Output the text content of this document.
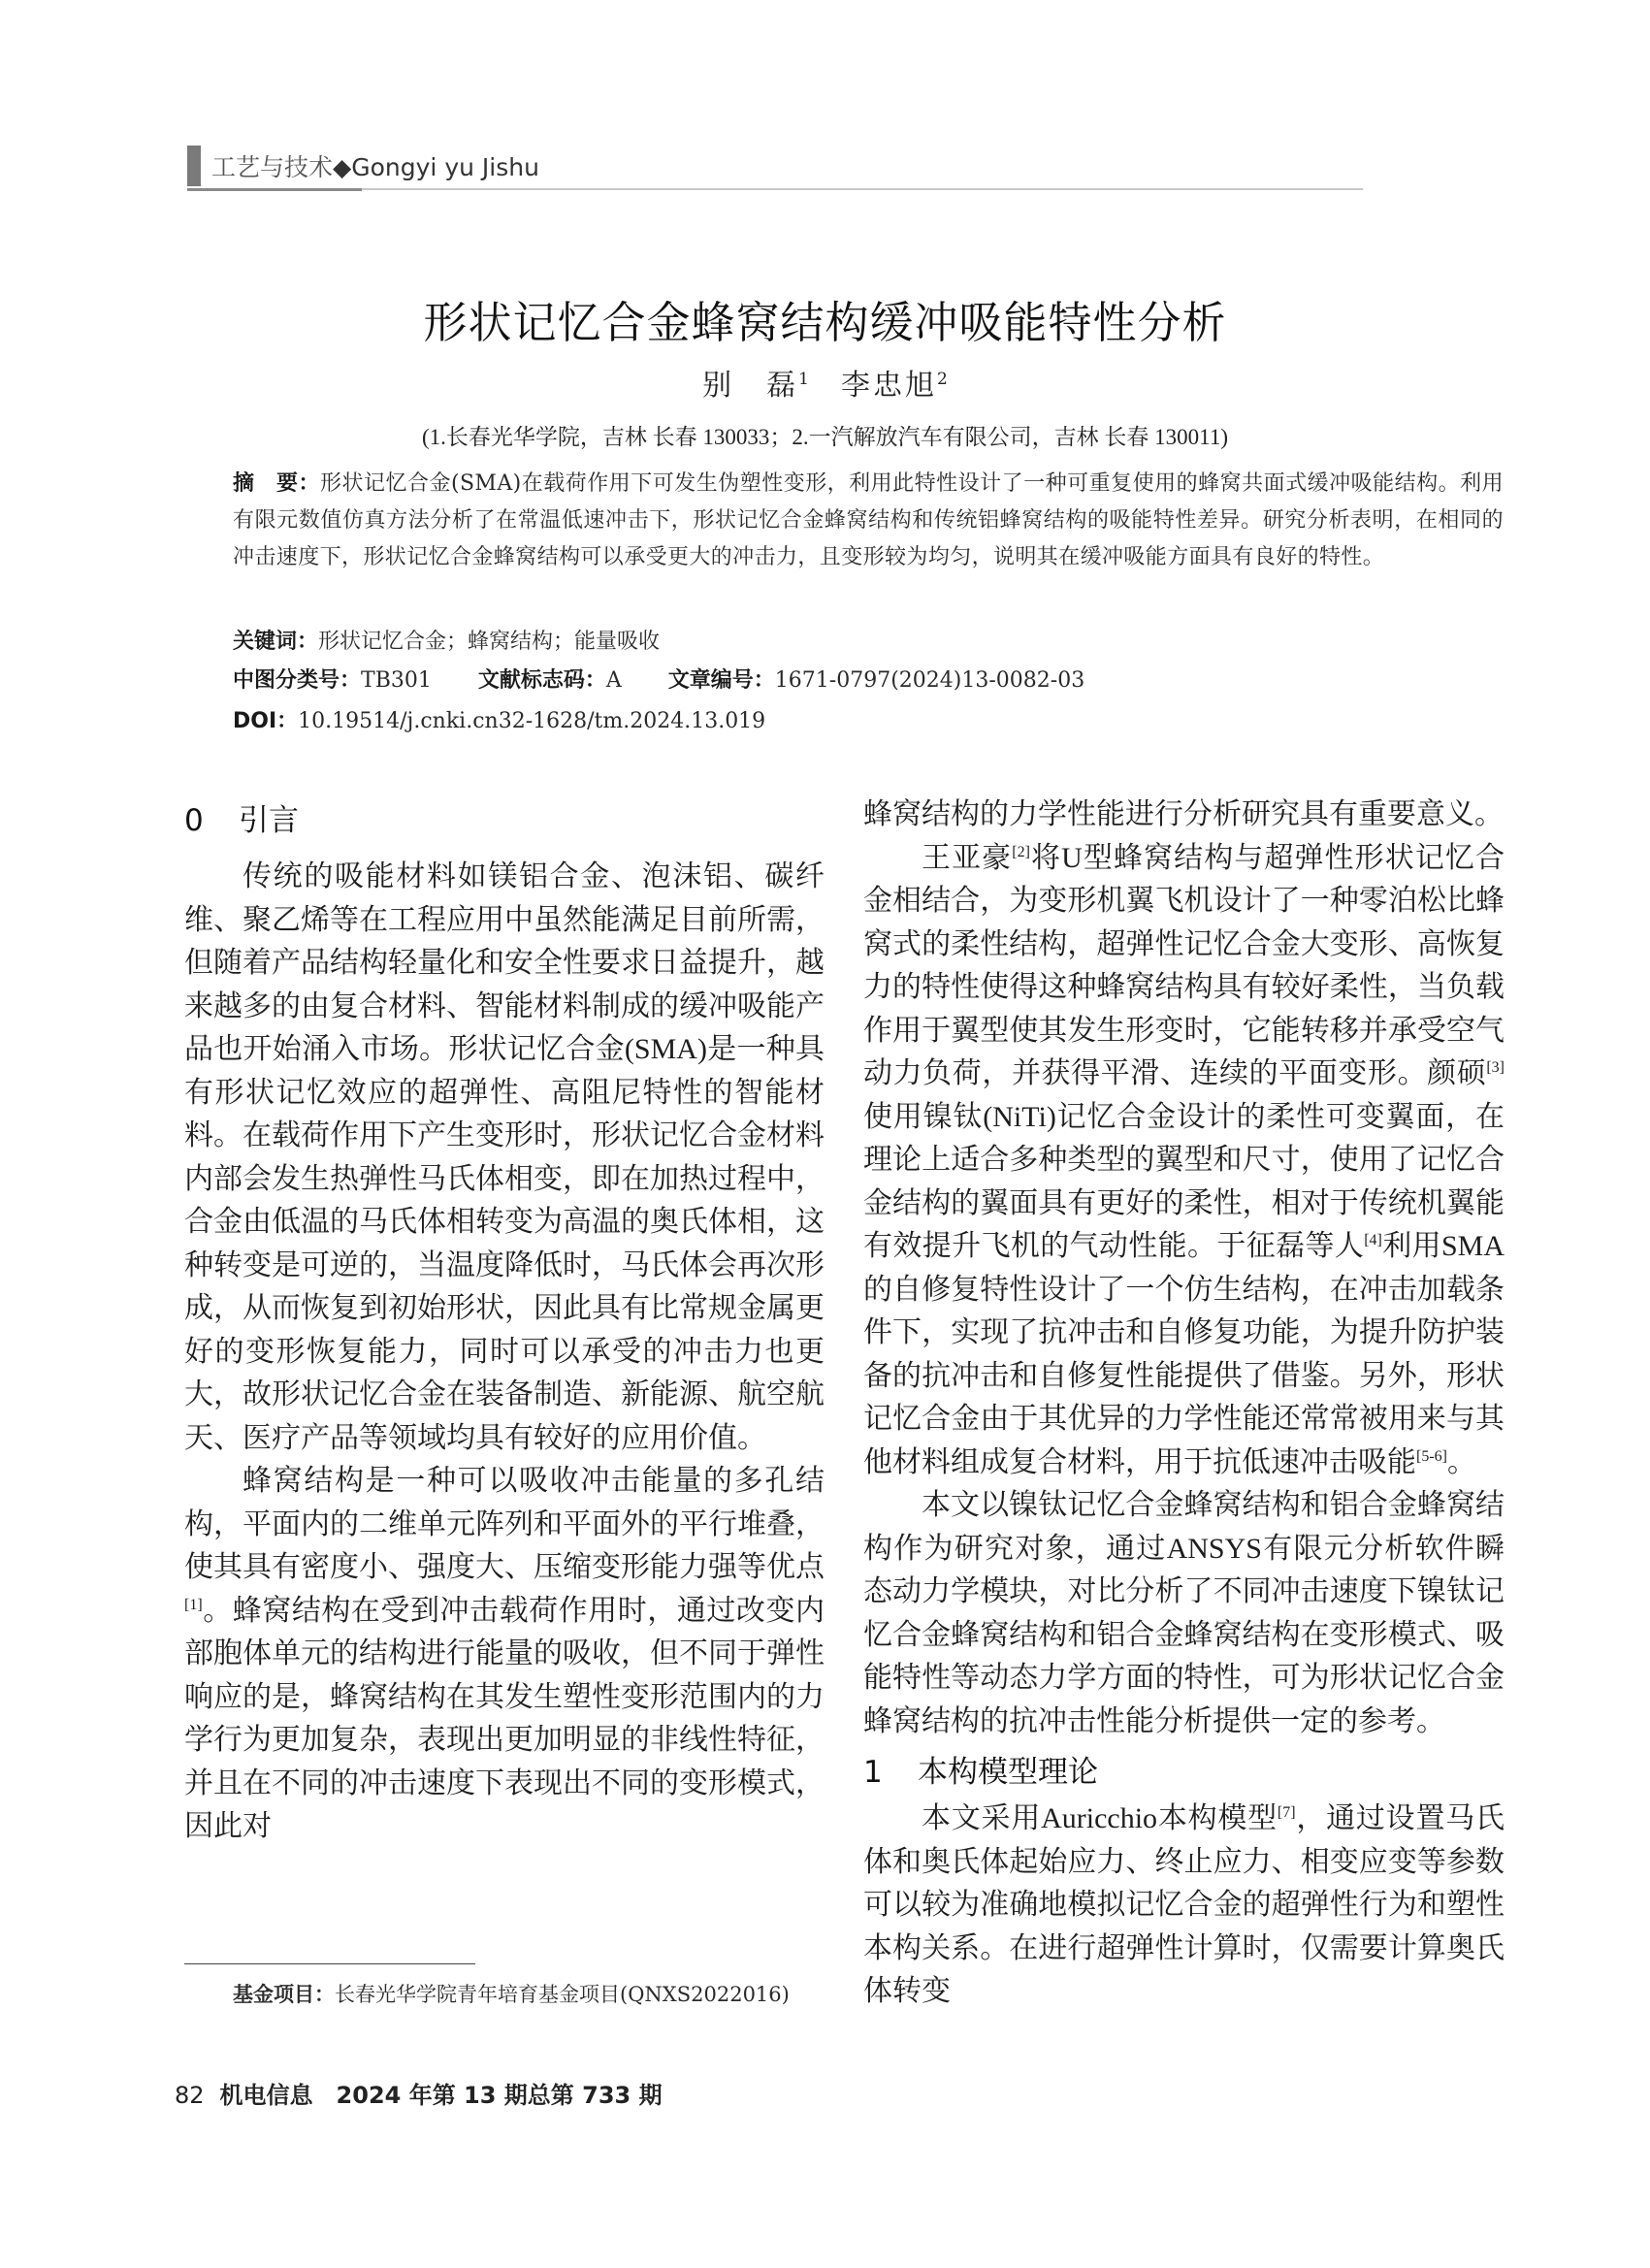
工艺与技术◆Gongyi yu Jishu
形状记忆合金蜂窝结构缓冲吸能特性分析
别　磊$^1$  李忠旭$^2$
(1.长春光华学院，吉林 长春 130033；2.一汽解放汽车有限公司，吉林 长春 130011)
摘　要：形状记忆合金(SMA)在载荷作用下可发生伪塑性变形，利用此特性设计了一种可重复使用的蜂窝共面式缓冲吸能结构。利用有限元数值仿真方法分析了在常温低速冲击下，形状记忆合金蜂窝结构和传统铝蜂窝结构的吸能特性差异。研究分析表明，在相同的冲击速度下，形状记忆合金蜂窝结构可以承受更大的冲击力，且变形较为均匀，说明其在缓冲吸能方面具有良好的特性。
关键词：形状记忆合金；蜂窝结构；能量吸收
中图分类号：TB301 文献标志码：A 文章编号：1671-0797(2024)13-0082-03
DOI：10.19514/j.cnki.cn32-1628/tm.2024.13.019
0 引言

传统的吸能材料如镁铝合金、泡沫铝、碳纤维、聚乙烯等在工程应用中虽然能满足目前所需，但随着产品结构轻量化和安全性要求日益提升，越来越多的由复合材料、智能材料制成的缓冲吸能产品也开始涌入市场。形状记忆合金(SMA)是一种具有形状记忆效应的超弹性、高阻尼特性的智能材料。在载荷作用下产生变形时，形状记忆合金材料内部会发生热弹性马氏体相变，即在加热过程中，合金由低温的马氏体相转变为高温的奥氏体相，这种转变是可逆的，当温度降低时，马氏体会再次形成，从而恢复到初始形状，因此具有比常规金属更好的变形恢复能力，同时可以承受的冲击力也更大，故形状记忆合金在装备制造、新能源、航空航天、医疗产品等领域均具有较好的应用价值。

蜂窝结构是一种可以吸收冲击能量的多孔结构，平面内的二维单元阵列和平面外的平行堆叠，使其具有密度小、强度大、压缩变形能力强等优点[1]。蜂窝结构在受到冲击载荷作用时，通过改变内部胞体单元的结构进行能量的吸收，但不同于弹性响应的是，蜂窝结构在其发生塑性变形范围内的力学行为更加复杂，表现出更加明显的非线性特征，并且在不同的冲击速度下表现出不同的变形模式，因此对

蜂窝结构的力学性能进行分析研究具有重要意义。

王亚豪[2]将U型蜂窝结构与超弹性形状记忆合金相结合，为变形机翼飞机设计了一种零泊松比蜂窝式的柔性结构，超弹性记忆合金大变形、高恢复力的特性使得这种蜂窝结构具有较好柔性，当负载作用于翼型使其发生形变时，它能转移并承受空气动力负荷，并获得平滑、连续的平面变形。颜硕[3]使用镍钛(NiTi)记忆合金设计的柔性可变翼面，在理论上适合多种类型的翼型和尺寸，使用了记忆合金结构的翼面具有更好的柔性，相对于传统机翼能有效提升飞机的气动性能。于征磊等人[4]利用SMA的自修复特性设计了一个仿生结构，在冲击加载条件下，实现了抗冲击和自修复功能，为提升防护装备的抗冲击和自修复性能提供了借鉴。另外，形状记忆合金由于其优异的力学性能还常常被用来与其他材料组成复合材料，用于抗低速冲击吸能[5-6]。

本文以镍钛记忆合金蜂窝结构和铝合金蜂窝结构作为研究对象，通过ANSYS有限元分析软件瞬态动力学模块，对比分析了不同冲击速度下镍钛记忆合金蜂窝结构和铝合金蜂窝结构在变形模式、吸能特性等动态力学方面的特性，可为形状记忆合金蜂窝结构的抗冲击性能分析提供一定的参考。

1 本构模型理论

本文采用Auricchio本构模型[7]，通过设置马氏体和奥氏体起始应力、终止应力、相变应变等参数可以较为准确地模拟记忆合金的超弹性行为和塑性本构关系。在进行超弹性计算时，仅需要计算奥氏体转变

基金项目：长春光华学院青年培育基金项目(QNXS2022016)
82 机电信息　2024 年第 13 期总第 733 期
